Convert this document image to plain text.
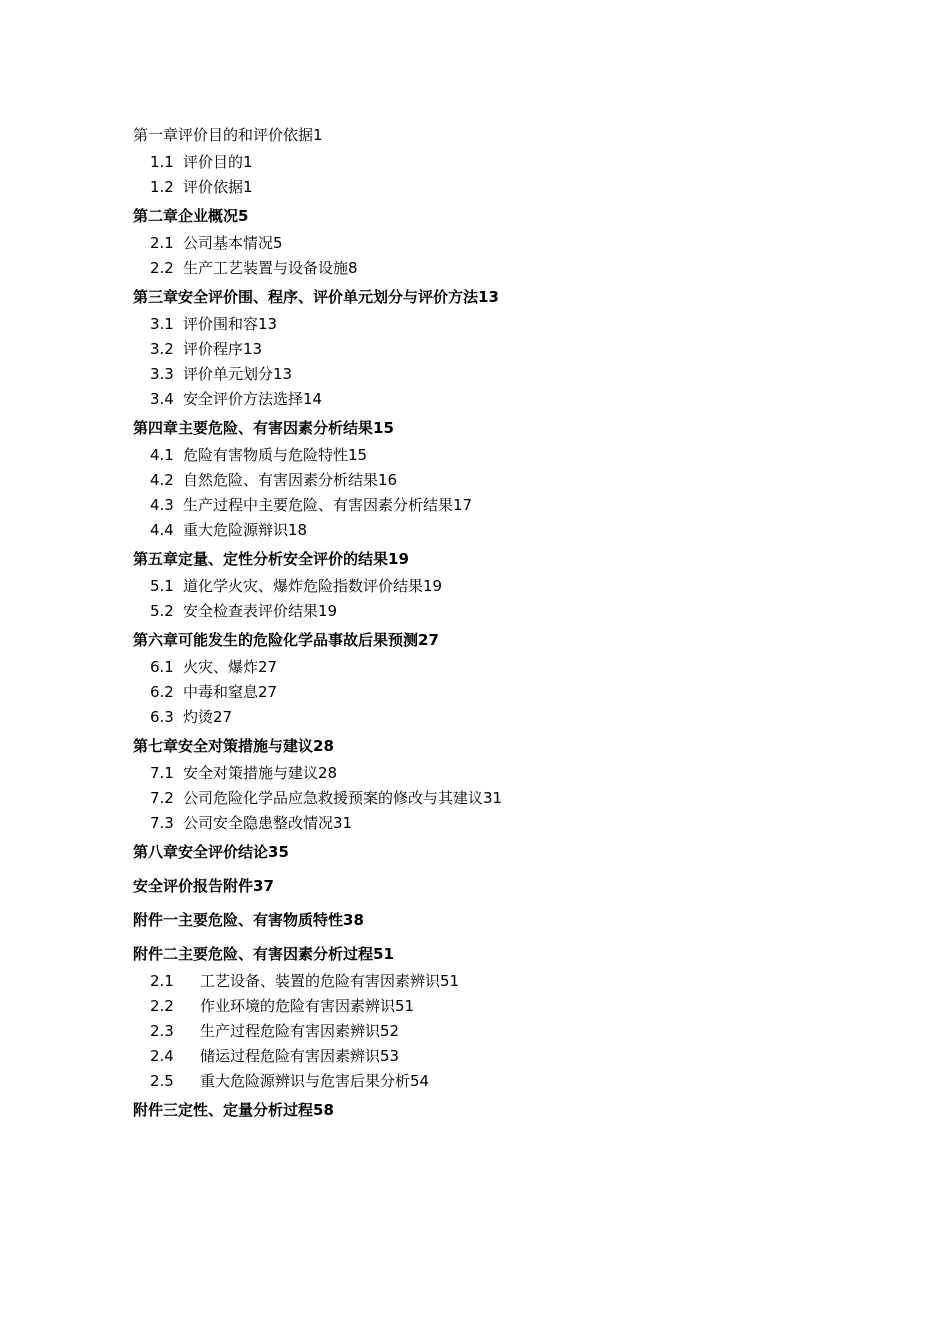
第一章评价目的和评价依据1
1.1 评价目的1
1.2 评价依据1
第二章企业概况5
2.1 公司基本情况5
2.2 生产工艺装置与设备设施8
第三章安全评价围、程序、评价单元划分与评价方法13
3.1 评价围和容13
3.2 评价程序13
3.3 评价单元划分13
3.4 安全评价方法选择14
第四章主要危险、有害因素分析结果15
4.1 危险有害物质与危险特性15
4.2 自然危险、有害因素分析结果16
4.3 生产过程中主要危险、有害因素分析结果17
4.4 重大危险源辩识18
第五章定量、定性分析安全评价的结果19
5.1 道化学火灾、爆炸危险指数评价结果19
5.2 安全检查表评价结果19
第六章可能发生的危险化学品事故后果预测27
6.1 火灾、爆炸27
6.2 中毒和窒息27
6.3 灼烫27
第七章安全对策措施与建议28
7.1 安全对策措施与建议28
7.2 公司危险化学品应急救援预案的修改与其建议31
7.3 公司安全隐患整改情况31
第八章安全评价结论35
安全评价报告附件37
附件一主要危险、有害物质特性38
附件二主要危险、有害因素分析过程51
2.1 工艺设备、装置的危险有害因素辨识51
2.2 作业环境的危险有害因素辨识51
2.3 生产过程危险有害因素辨识52
2.4 储运过程危险有害因素辨识53
2.5 重大危险源辨识与危害后果分析54
附件三定性、定量分析过程58
